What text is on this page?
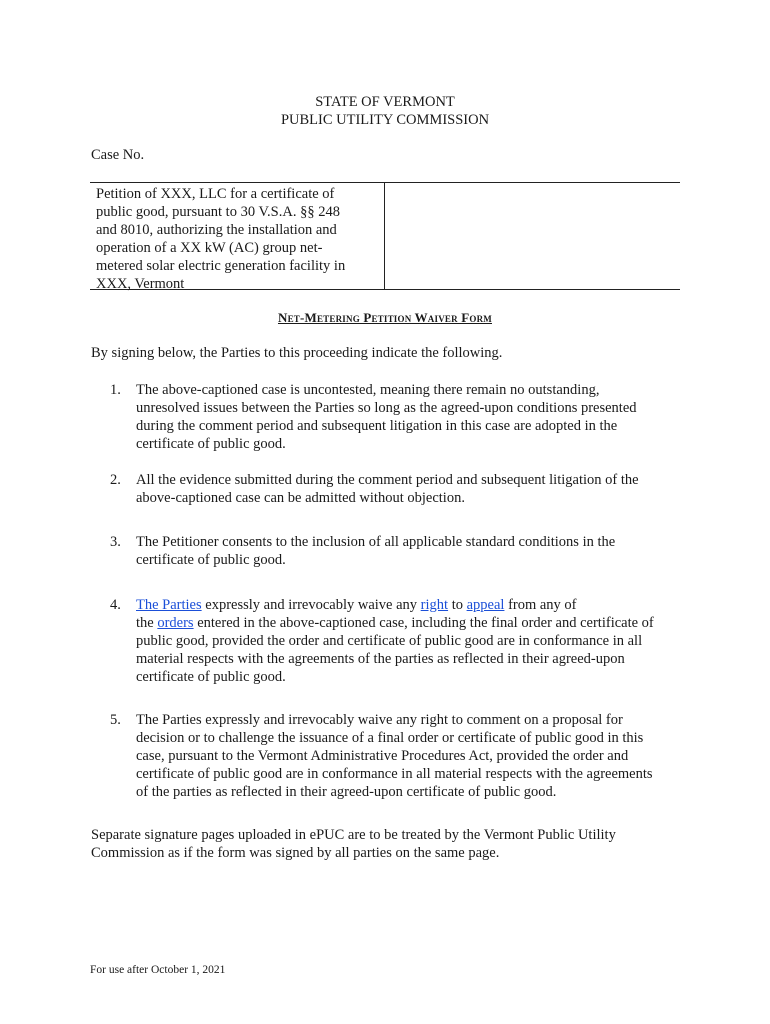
STATE OF VERMONT
PUBLIC UTILITY COMMISSION
Case No.
Petition of XXX, LLC for a certificate of
public good, pursuant to 30 V.S.A. §§ 248
and 8010, authorizing the installation and
operation of a XX kW (AC) group net-
metered solar electric generation facility in
XXX, Vermont
Net-Metering Petition Waiver Form
By signing below, the Parties to this proceeding indicate the following.
1.	The above-captioned case is uncontested, meaning there remain no outstanding,
unresolved issues between the Parties so long as the agreed-upon conditions presented
during the comment period and subsequent litigation in this case are adopted in the
certificate of public good.
2.	All the evidence submitted during the comment period and subsequent litigation of the
above-captioned case can be admitted without objection.
3.	The Petitioner consents to the inclusion of all applicable standard conditions in the
certificate of public good.
4.	The Parties expressly and irrevocably waive any right to appeal from any of
the orders entered in the above-captioned case, including the final order and certificate of
public good, provided the order and certificate of public good are in conformance in all
material respects with the agreements of the parties as reflected in their agreed-upon
certificate of public good.
5.	The Parties expressly and irrevocably waive any right to comment on a proposal for
decision or to challenge the issuance of a final order or certificate of public good in this
case, pursuant to the Vermont Administrative Procedures Act, provided the order and
certificate of public good are in conformance in all material respects with the agreements
of the parties as reflected in their agreed-upon certificate of public good.
Separate signature pages uploaded in ePUC are to be treated by the Vermont Public Utility
Commission as if the form was signed by all parties on the same page.
For use after October 1, 2021
